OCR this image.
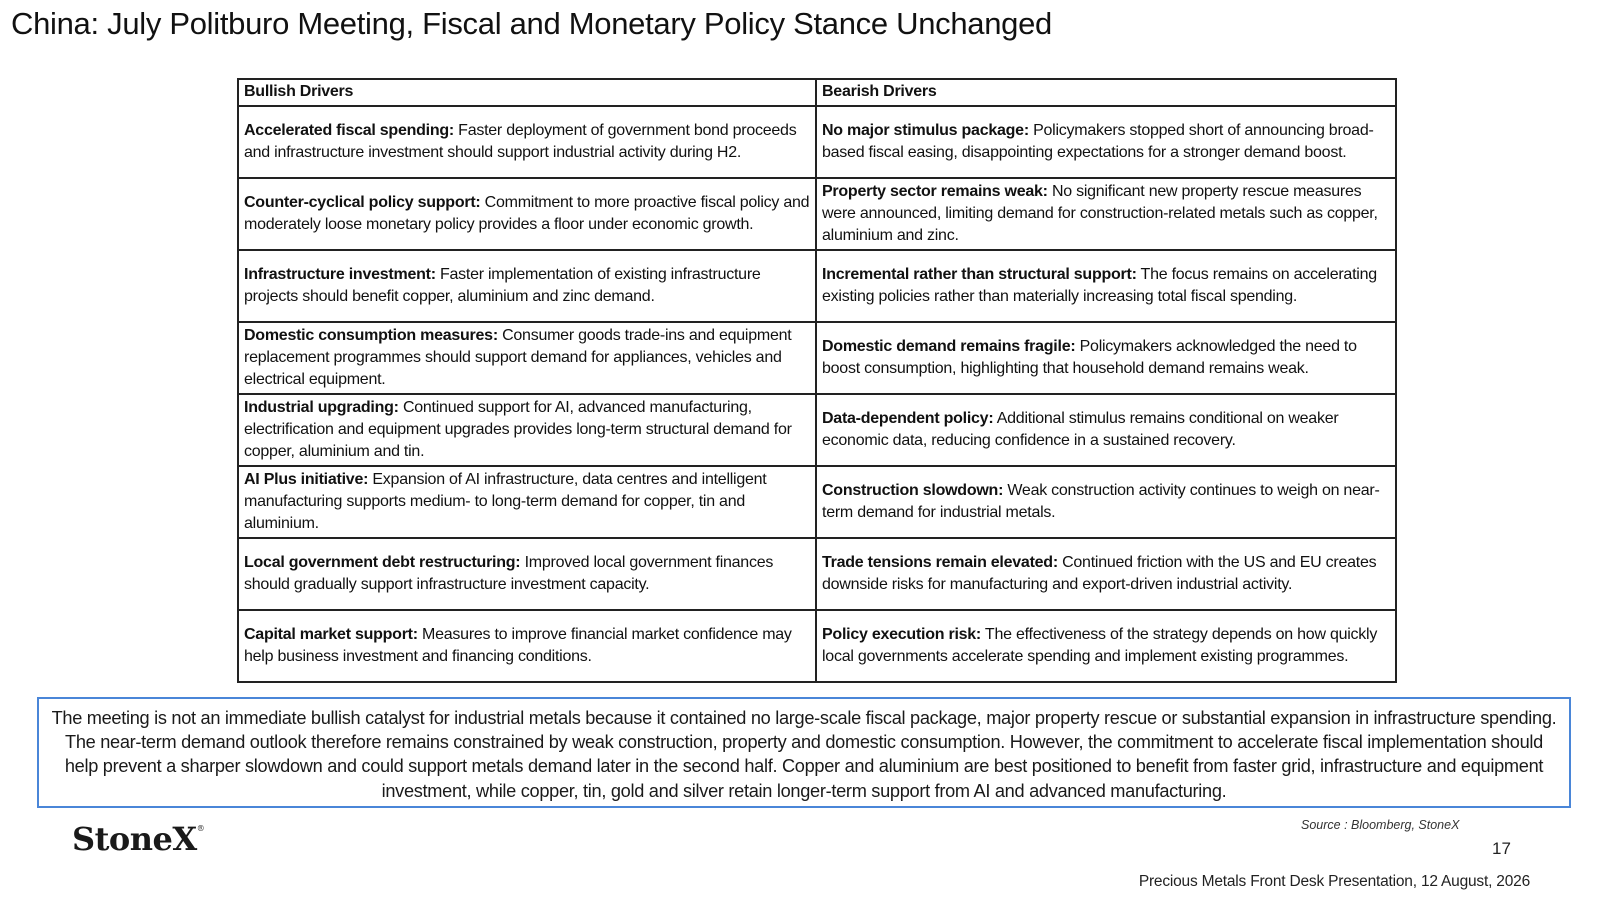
China: July Politburo Meeting, Fiscal and Monetary Policy Stance Unchanged
Bullish Drivers	Bearish Drivers
Accelerated fiscal spending: Faster deployment of government bond proceeds and infrastructure investment should support industrial activity during H2.	No major stimulus package: Policymakers stopped short of announcing broad-based fiscal easing, disappointing expectations for a stronger demand boost.
Counter-cyclical policy support: Commitment to more proactive fiscal policy and moderately loose monetary policy provides a floor under economic growth.	Property sector remains weak: No significant new property rescue measures were announced, limiting demand for construction-related metals such as copper, aluminium and zinc.
Infrastructure investment: Faster implementation of existing infrastructure projects should benefit copper, aluminium and zinc demand.	Incremental rather than structural support: The focus remains on accelerating existing policies rather than materially increasing total fiscal spending.
Domestic consumption measures: Consumer goods trade-ins and equipment replacement programmes should support demand for appliances, vehicles and electrical equipment.	Domestic demand remains fragile: Policymakers acknowledged the need to boost consumption, highlighting that household demand remains weak.
Industrial upgrading: Continued support for AI, advanced manufacturing, electrification and equipment upgrades provides long-term structural demand for copper, aluminium and tin.	Data-dependent policy: Additional stimulus remains conditional on weaker economic data, reducing confidence in a sustained recovery.
AI Plus initiative: Expansion of AI infrastructure, data centres and intelligent manufacturing supports medium- to long-term demand for copper, tin and aluminium.	Construction slowdown: Weak construction activity continues to weigh on near-term demand for industrial metals.
Local government debt restructuring: Improved local government finances should gradually support infrastructure investment capacity.	Trade tensions remain elevated: Continued friction with the US and EU creates downside risks for manufacturing and export-driven industrial activity.
Capital market support: Measures to improve financial market confidence may help business investment and financing conditions.	Policy execution risk: The effectiveness of the strategy depends on how quickly local governments accelerate spending and implement existing programmes.
The meeting is not an immediate bullish catalyst for industrial metals because it contained no large-scale fiscal package, major property rescue or substantial expansion in infrastructure spending. The near-term demand outlook therefore remains constrained by weak construction, property and domestic consumption. However, the commitment to accelerate fiscal implementation should help prevent a sharper slowdown and could support metals demand later in the second half. Copper and aluminium are best positioned to benefit from faster grid, infrastructure and equipment investment, while copper, tin, gold and silver retain longer-term support from AI and advanced manufacturing.
Source : Bloomberg, StoneX
StoneX®
17
Precious Metals Front Desk Presentation, 12 August, 2026
